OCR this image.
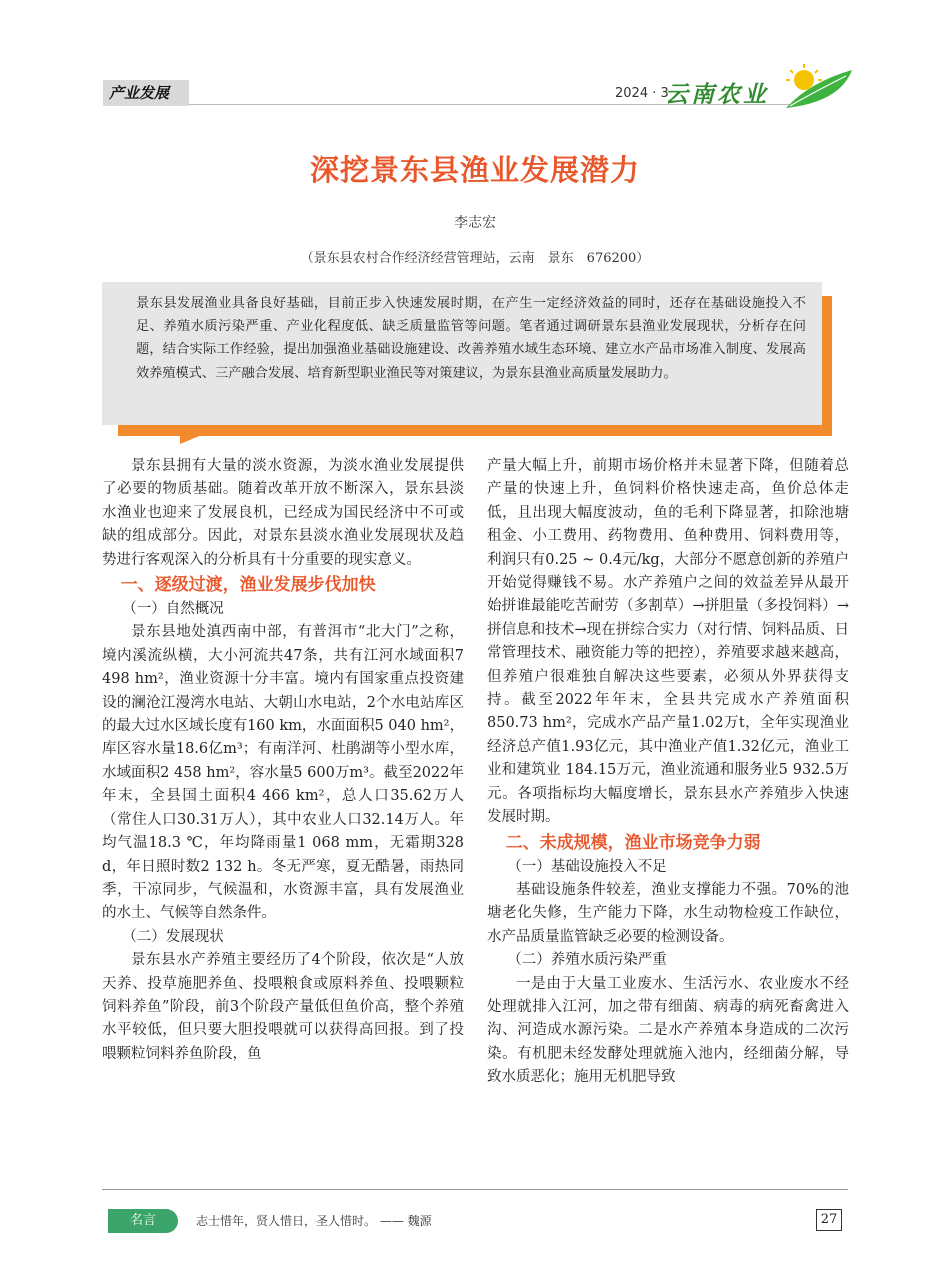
产业发展	2024 · 3
云南农业
深挖景东县渔业发展潜力
李志宏
（景东县农村合作经济经营管理站，云南　景东　676200）
景东县发展渔业具备良好基础，目前正步入快速发展时期，在产生一定经济效益的同时，还存在基础设施投入不足、养殖水质污染严重、产业化程度低、缺乏质量监管等问题。笔者通过调研景东县渔业发展现状，分析存在问题，结合实际工作经验，提出加强渔业基础设施建设、改善养殖水域生态环境、建立水产品市场准入制度、发展高效养殖模式、三产融合发展、培育新型职业渔民等对策建议，为景东县渔业高质量发展助力。

景东县拥有大量的淡水资源，为淡水渔业发展提供了必要的物质基础。随着改革开放不断深入，景东县淡水渔业也迎来了发展良机，已经成为国民经济中不可或缺的组成部分。因此，对景东县淡水渔业发展现状及趋势进行客观深入的分析具有十分重要的现实意义。

一、逐级过渡，渔业发展步伐加快
（一）自然概况

景东县地处滇西南中部，有普洱市“北大门”之称，境内溪流纵横，大小河流共47条，共有江河水域面积7 498 hm²，渔业资源十分丰富。境内有国家重点投资建设的澜沧江漫湾水电站、大朝山水电站，2个水电站库区的最大过水区域长度有160 km，水面面积5 040 hm²，库区容水量18.6亿m³；有南洋河、杜鹃湖等小型水库，水域面积2 458 hm²，容水量5 600万m³。截至2022年年末，全县国土面积4 466 km²，总人口35.62万人（常住人口30.31万人），其中农业人口32.14万人。年均气温18.3 ℃，年均降雨量1 068 mm，无霜期328 d，年日照时数2 132 h。冬无严寒，夏无酷暑，雨热同季，干凉同步，气候温和，水资源丰富，具有发展渔业的水土、气候等自然条件。

（二）发展现状

景东县水产养殖主要经历了4个阶段，依次是“人放天养、投草施肥养鱼、投喂粮食或原料养鱼、投喂颗粒饲料养鱼”阶段，前3个阶段产量低但鱼价高，整个养殖水平较低，但只要大胆投喂就可以获得高回报。到了投喂颗粒饲料养鱼阶段，鱼

产量大幅上升，前期市场价格并未显著下降，但随着总产量的快速上升，鱼饲料价格快速走高，鱼价总体走低，且出现大幅度波动，鱼的毛利下降显著，扣除池塘租金、小工费用、药物费用、鱼种费用、饲料费用等，利润只有0.25 ~ 0.4元/kg，大部分不愿意创新的养殖户开始觉得赚钱不易。水产养殖户之间的效益差异从最开始拼谁最能吃苦耐劳（多割草）→拼胆量（多投饲料）→拼信息和技术→现在拼综合实力（对行情、饲料品质、日常管理技术、融资能力等的把控），养殖要求越来越高，但养殖户很难独自解决这些要素，必须从外界获得支持。截至2022年年末，全县共完成水产养殖面积850.73 hm²，完成水产品产量1.02万t，全年实现渔业经济总产值1.93亿元，其中渔业产值1.32亿元，渔业工业和建筑业 184.15万元，渔业流通和服务业5 932.5万元。各项指标均大幅度增长，景东县水产养殖步入快速发展时期。

二、未成规模，渔业市场竞争力弱
（一）基础设施投入不足

基础设施条件较差，渔业支撑能力不强。70%的池塘老化失修，生产能力下降，水生动物检疫工作缺位，水产品质量监管缺乏必要的检测设备。

（二）养殖水质污染严重

一是由于大量工业废水、生活污水、农业废水不经处理就排入江河，加之带有细菌、病毒的病死畜禽进入沟、河造成水源污染。二是水产养殖本身造成的二次污染。有机肥未经发酵处理就施入池内，经细菌分解，导致水质恶化；施用无机肥导致

名言	志士惜年，贤人惜日，圣人惜时。 —— 魏源	27
